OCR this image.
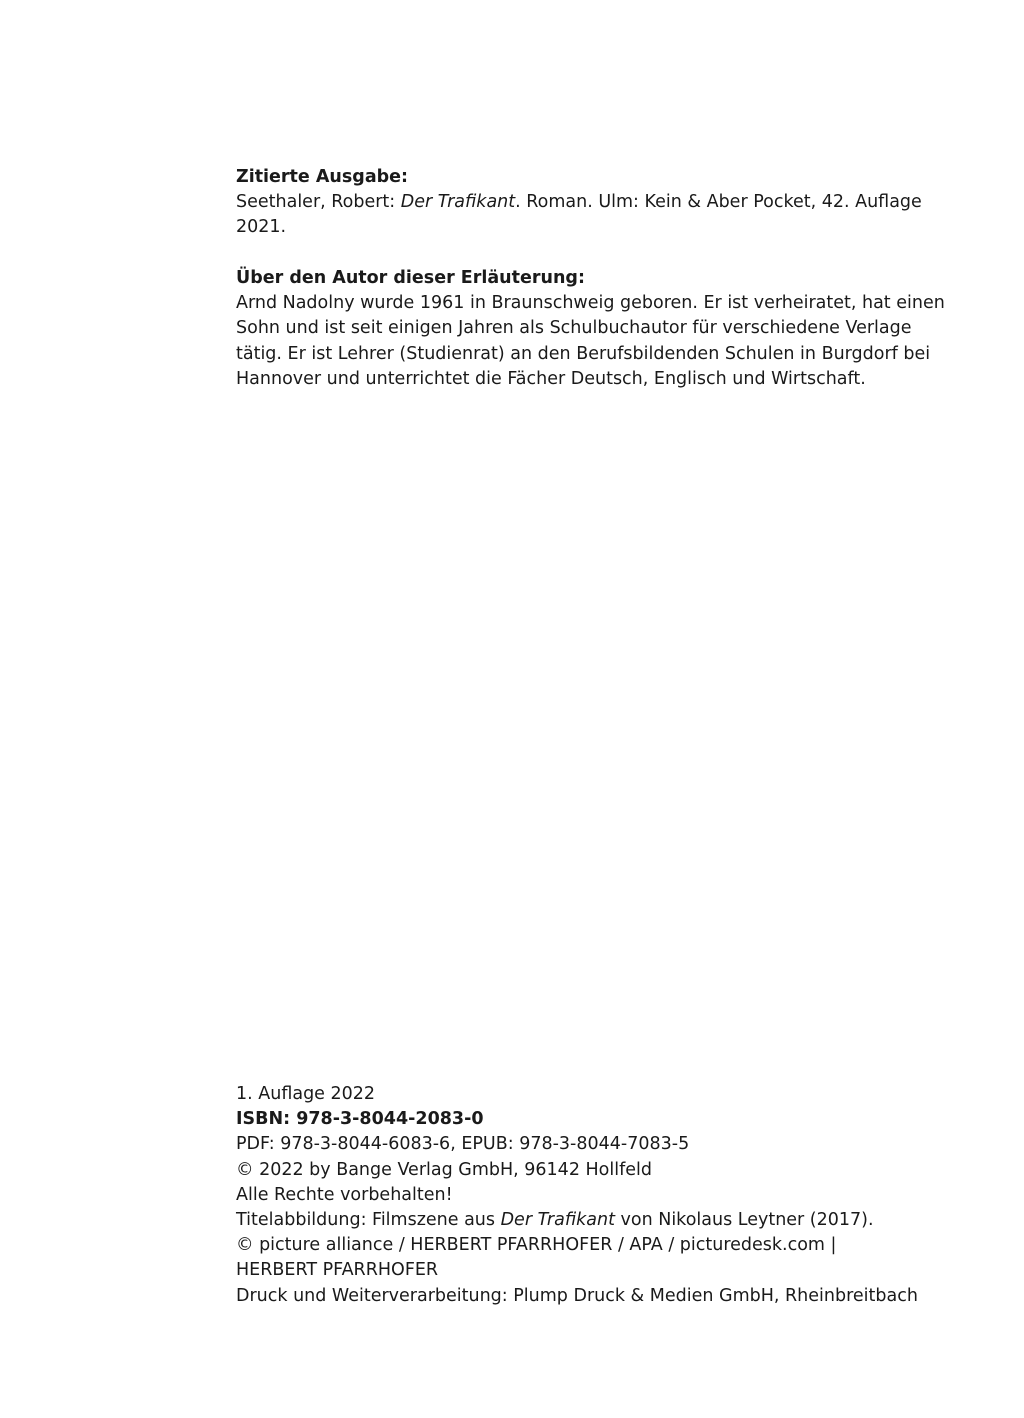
Zitierte Ausgabe:
Seethaler, Robert: Der Trafikant. Roman. Ulm: Kein & Aber Pocket, 42. Auflage
2021.
Über den Autor dieser Erläuterung:
Arnd Nadolny wurde 1961 in Braunschweig geboren. Er ist verheiratet, hat einen
Sohn und ist seit einigen Jahren als Schulbuchautor für verschiedene Verlage
tätig. Er ist Lehrer (Studienrat) an den Berufsbildenden Schulen in Burgdorf bei
Hannover und unterrichtet die Fächer Deutsch, Englisch und Wirtschaft.
1. Auflage 2022
ISBN: 978-3-8044-2083-0
PDF: 978-3-8044-6083-6, EPUB: 978-3-8044-7083-5
© 2022 by Bange Verlag GmbH, 96142 Hollfeld
Alle Rechte vorbehalten!
Titelabbildung: Filmszene aus Der Trafikant von Nikolaus Leytner (2017).
© picture alliance / HERBERT PFARRHOFER / APA / picturedesk.com |
HERBERT PFARRHOFER
Druck und Weiterverarbeitung: Plump Druck & Medien GmbH, Rheinbreitbach
